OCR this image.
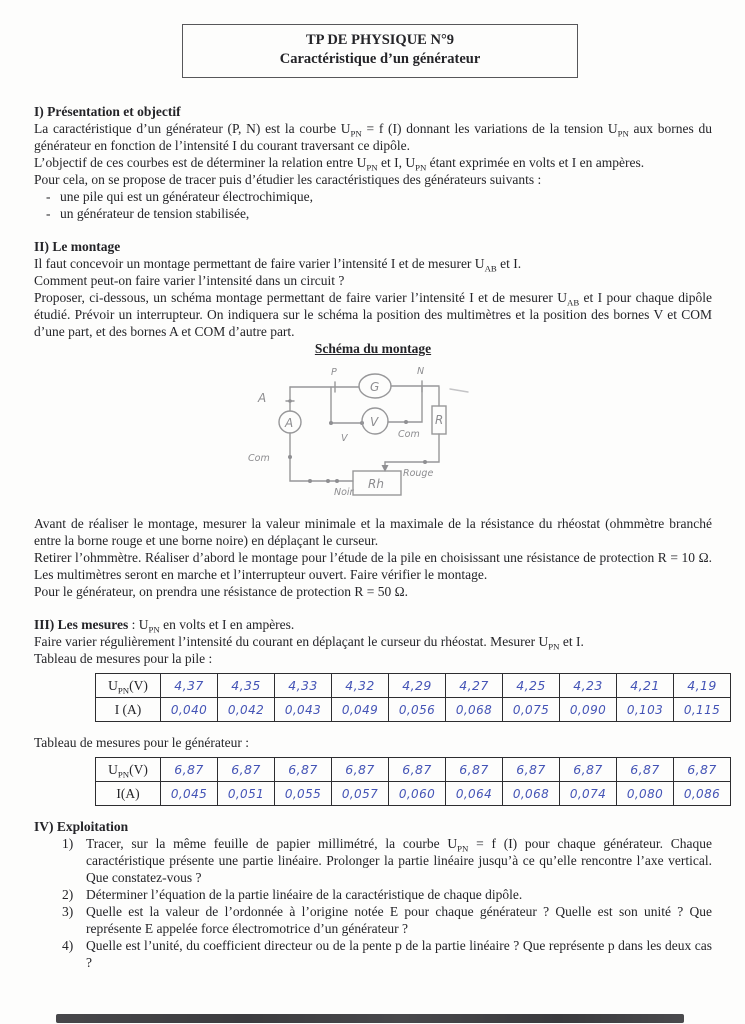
TP DE PHYSIQUE N°9
Caractéristique d’un générateur

I) Présentation et objectif

La caractéristique d’un générateur (P, N) est la courbe $U_{PN} = f$ (I) donnant les variations de la tension $U_{PN}$ aux bornes du générateur en fonction de l’intensité I du courant traversant ce dipôle.

L’objectif de ces courbes est de déterminer la relation entre $U_{PN}$ et I, $U_{PN}$ étant exprimée en volts et I en ampères.

Pour cela, on se propose de tracer puis d’étudier les caractéristiques des générateurs suivants :

- une pile qui est un générateur électrochimique,
- un générateur de tension stabilisée,

II) Le montage

Il faut concevoir un montage permettant de faire varier l’intensité I et de mesurer $U_{AB}$ et I.

Comment peut-on faire varier l’intensité dans un circuit ?

Proposer, ci-dessous, un schéma montage permettant de faire varier l’intensité I et de mesurer $U_{AB}$ et I pour chaque dipôle étudié. Prévoir un interrupteur. On indiquera sur le schéma la position des multimètres et la position des bornes V et COM d’une part, et des bornes A et COM d’autre part.

Schéma du montage

G
V
A	R
Rh
P	N
A
Com
V	Com
Rouge
Noir

Avant de réaliser le montage, mesurer la valeur minimale et la maximale de la résistance du rhéostat (ohmmètre branché entre la borne rouge et une borne noire) en déplaçant le curseur.

Retirer l’ohmmètre. Réaliser d’abord le montage pour l’étude de la pile en choisissant une résistance de protection R = 10 Ω. Les multimètres seront en marche et l’interrupteur ouvert. Faire vérifier le montage.

Pour le générateur, on prendra une résistance de protection R = 50 Ω.

III) Les mesures : $U_{PN}$ en volts et I en ampères.

Faire varier régulièrement l’intensité du courant en déplaçant le curseur du rhéostat. Mesurer $U_{PN}$ et I.

Tableau de mesures pour la pile :

$U_{PN}(V)$	4,37	4,35	4,33	4,32	4,29	4,27	4,25	4,23	4,21	4,19
I (A)	0,040	0,042	0,043	0,049	0,056	0,068	0,075	0,090	0,103	0,115

Tableau de mesures pour le générateur :

$U_{PN}(V)$	6,87	6,87	6,87	6,87	6,87	6,87	6,87	6,87	6,87	6,87
I(A)	0,045	0,051	0,055	0,057	0,060	0,064	0,068	0,074	0,080	0,086

IV) Exploitation

1) Tracer, sur la même feuille de papier millimétré, la courbe $U_{PN} = f$ (I) pour chaque générateur. Chaque caractéristique présente une partie linéaire. Prolonger la partie linéaire jusqu’à ce qu’elle rencontre l’axe vertical. Que constatez-vous ?
2) Déterminer l’équation de la partie linéaire de la caractéristique de chaque dipôle.
3) Quelle est la valeur de l’ordonnée à l’origine notée E pour chaque générateur ? Quelle est son unité ? Que représente E appelée force électromotrice d’un générateur ?
4) Quelle est l’unité, du coefficient directeur ou de la pente p de la partie linéaire ? Que représente p dans les deux cas ?
